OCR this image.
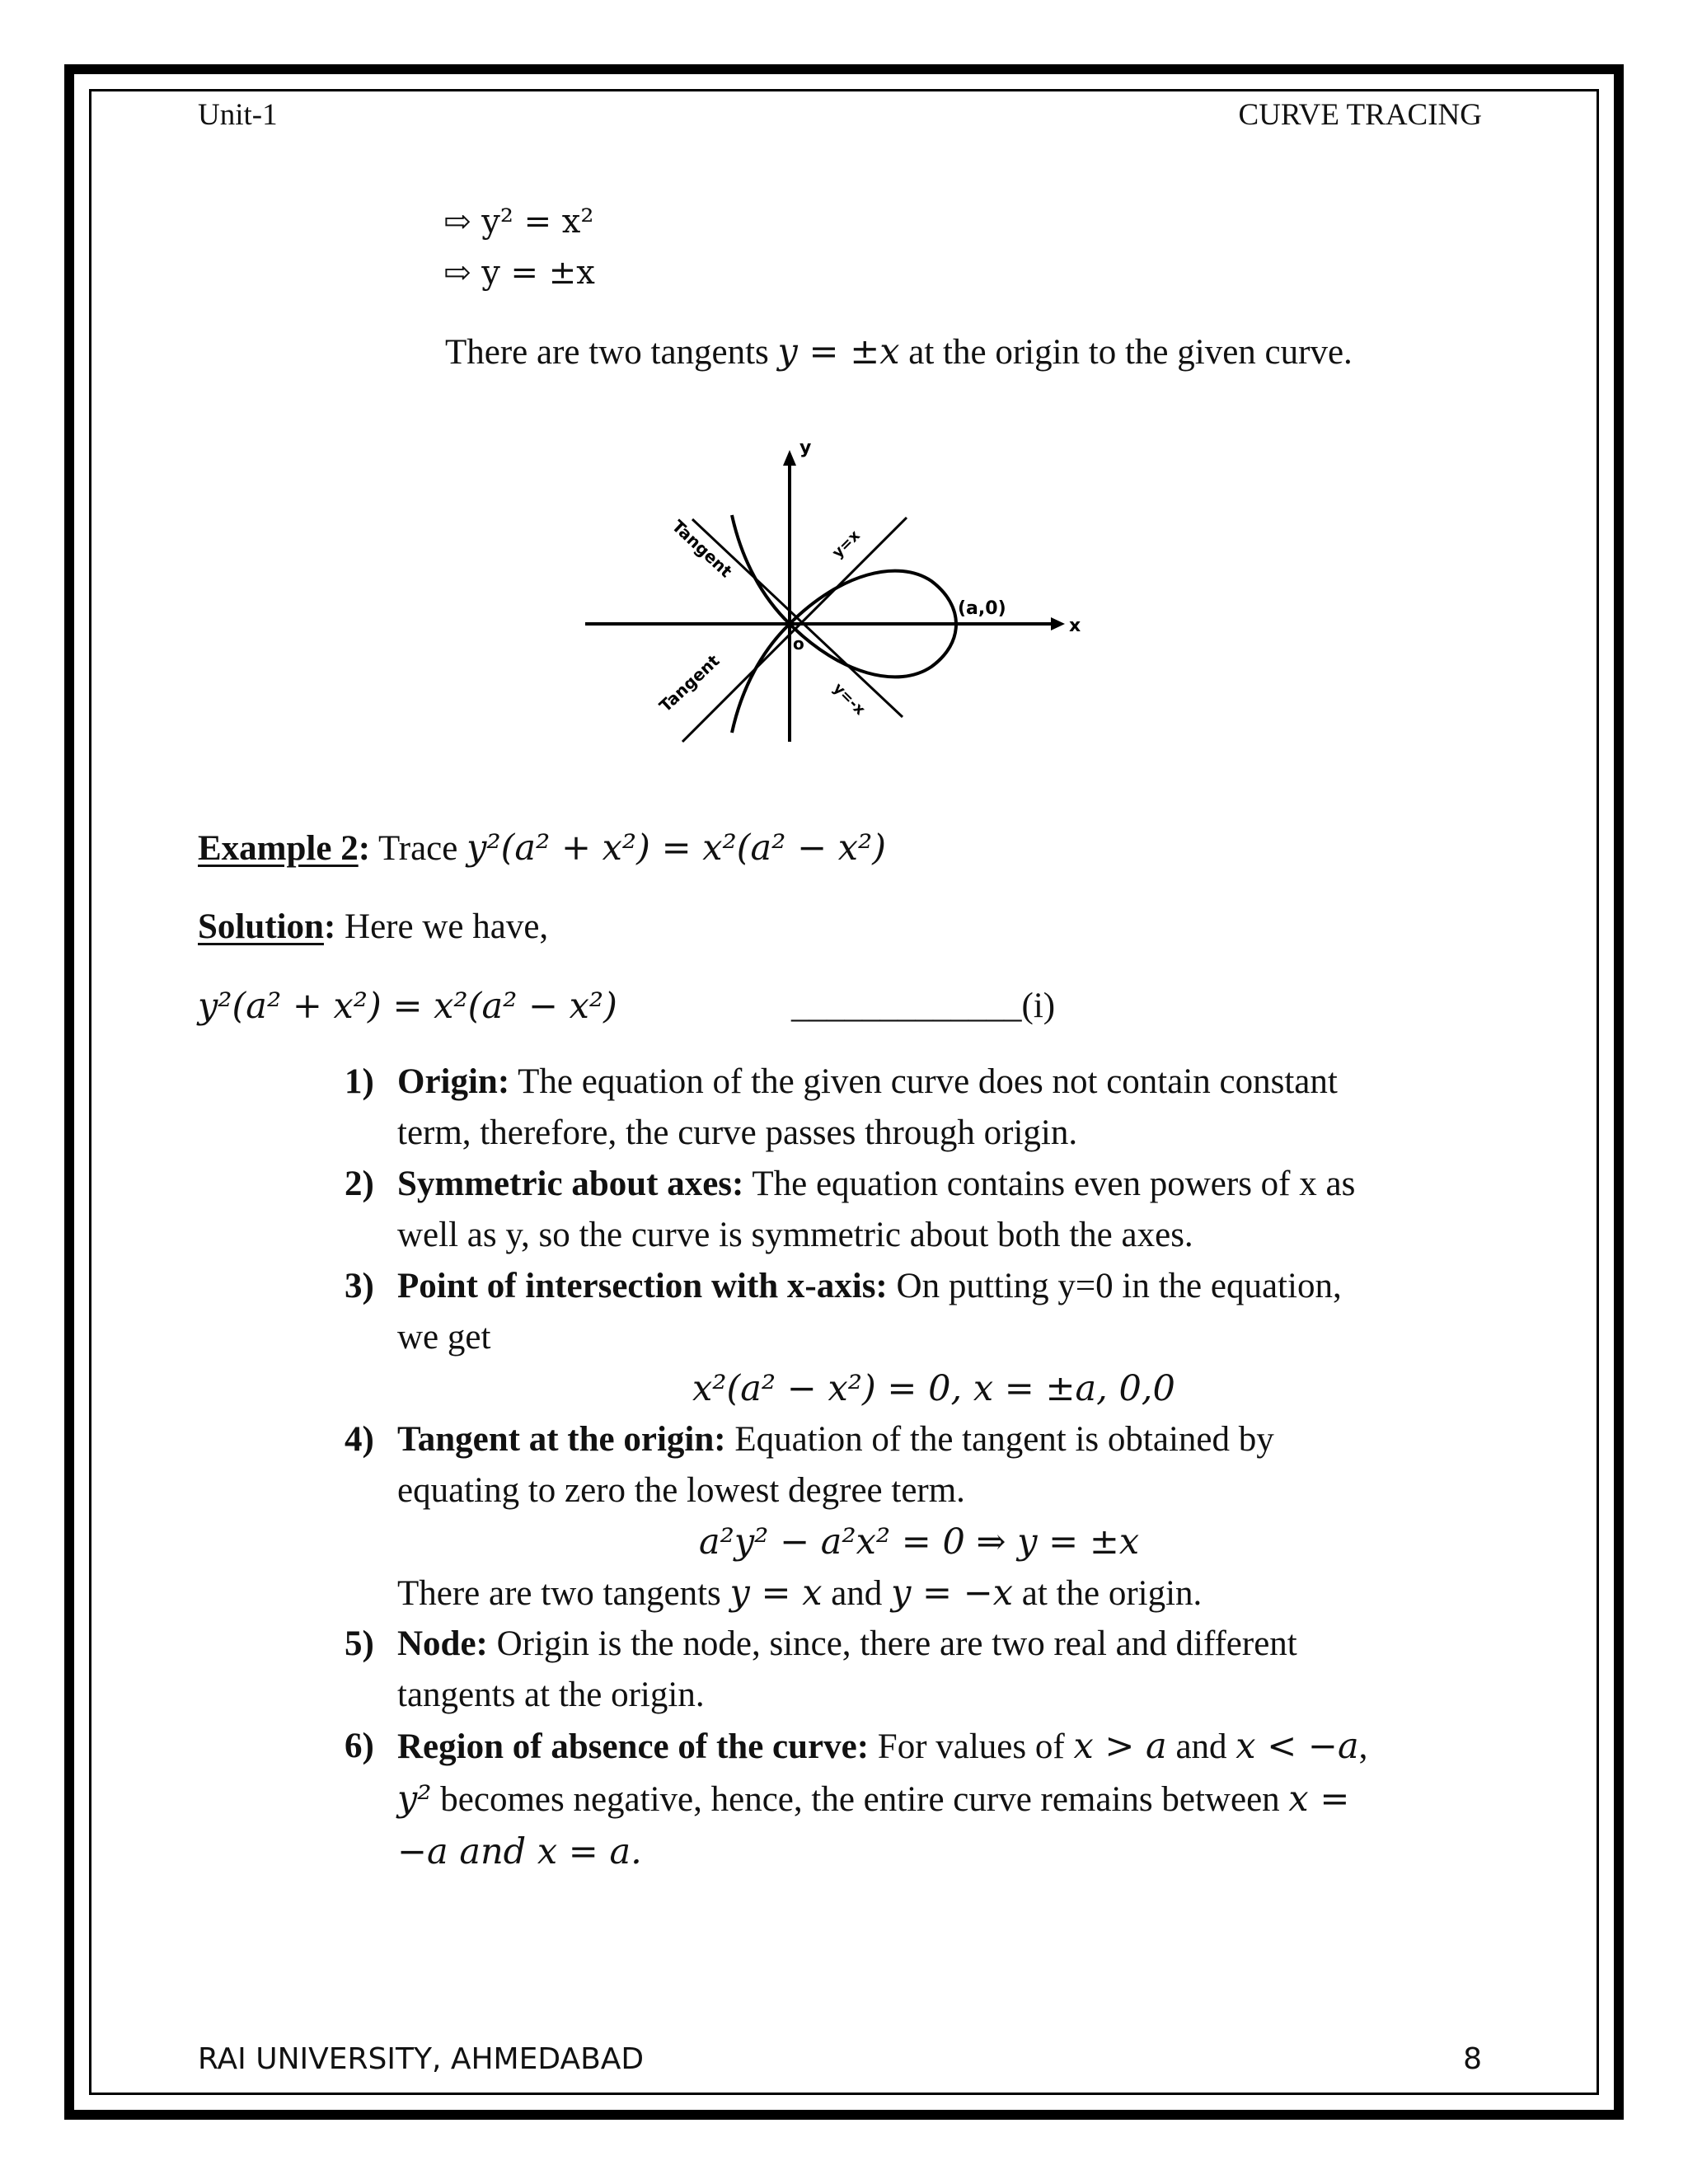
Unit-1	CURVE TRACING
⇨ y² = x²
⇨ y = ±x
There are two tangents y = ±x at the origin to the given curve.
y
x
o
(a,0)
y=x
y=-x
Tangent
Tangent
Example 2: Trace y²(a² + x²) = x²(a² − x²)
Solution: Here we have,
y²(a² + x²) = x²(a² − x²)	_____________(i)
1) Origin: The equation of the given curve does not contain constant
term, therefore, the curve passes through origin.
2) Symmetric about axes: The equation contains even powers of x as
well as y, so the curve is symmetric about both the axes.
3) Point of intersection with x-axis: On putting y=0 in the equation,
we get
x²(a² − x²) = 0, x = ±a, 0,0
4) Tangent at the origin: Equation of the tangent is obtained by
equating to zero the lowest degree term.
a²y² − a²x² = 0 ⇒ y = ±x
There are two tangents y = x and y = −x at the origin.
5) Node: Origin is the node, since, there are two real and different
tangents at the origin.
6) Region of absence of the curve: For values of x > a and x < −a,
y² becomes negative, hence, the entire curve remains between x =
−a and x = a.
RAI UNIVERSITY, AHMEDABAD	8
